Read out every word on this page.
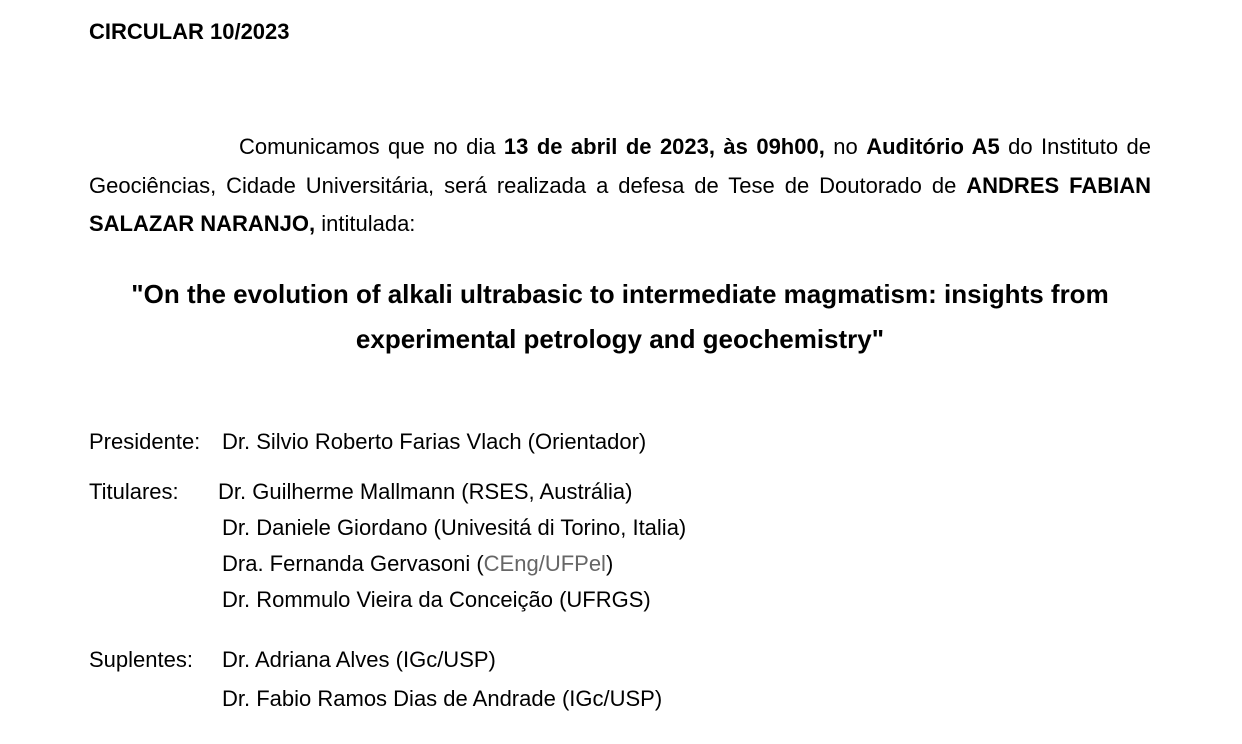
CIRCULAR 10/2023
Comunicamos que no dia 13 de abril de 2023, às 09h00, no Auditório A5 do Instituto de Geociências, Cidade Universitária, será realizada a defesa de Tese de Doutorado de ANDRES FABIAN SALAZAR NARANJO, intitulada:
"On the evolution of alkali ultrabasic to intermediate magmatism: insights from experimental petrology and geochemistry"
Presidente: Dr. Silvio Roberto Farias Vlach (Orientador)
Titulares: Dr. Guilherme Mallmann (RSES, Austrália)
Dr. Daniele Giordano (Univesitá di Torino, Italia)
Dra. Fernanda Gervasoni (CEng/UFPel)
Dr. Rommulo Vieira da Conceição (UFRGS)
Suplentes: Dr. Adriana Alves (IGc/USP)
Dr. Fabio Ramos Dias de Andrade (IGc/USP)
